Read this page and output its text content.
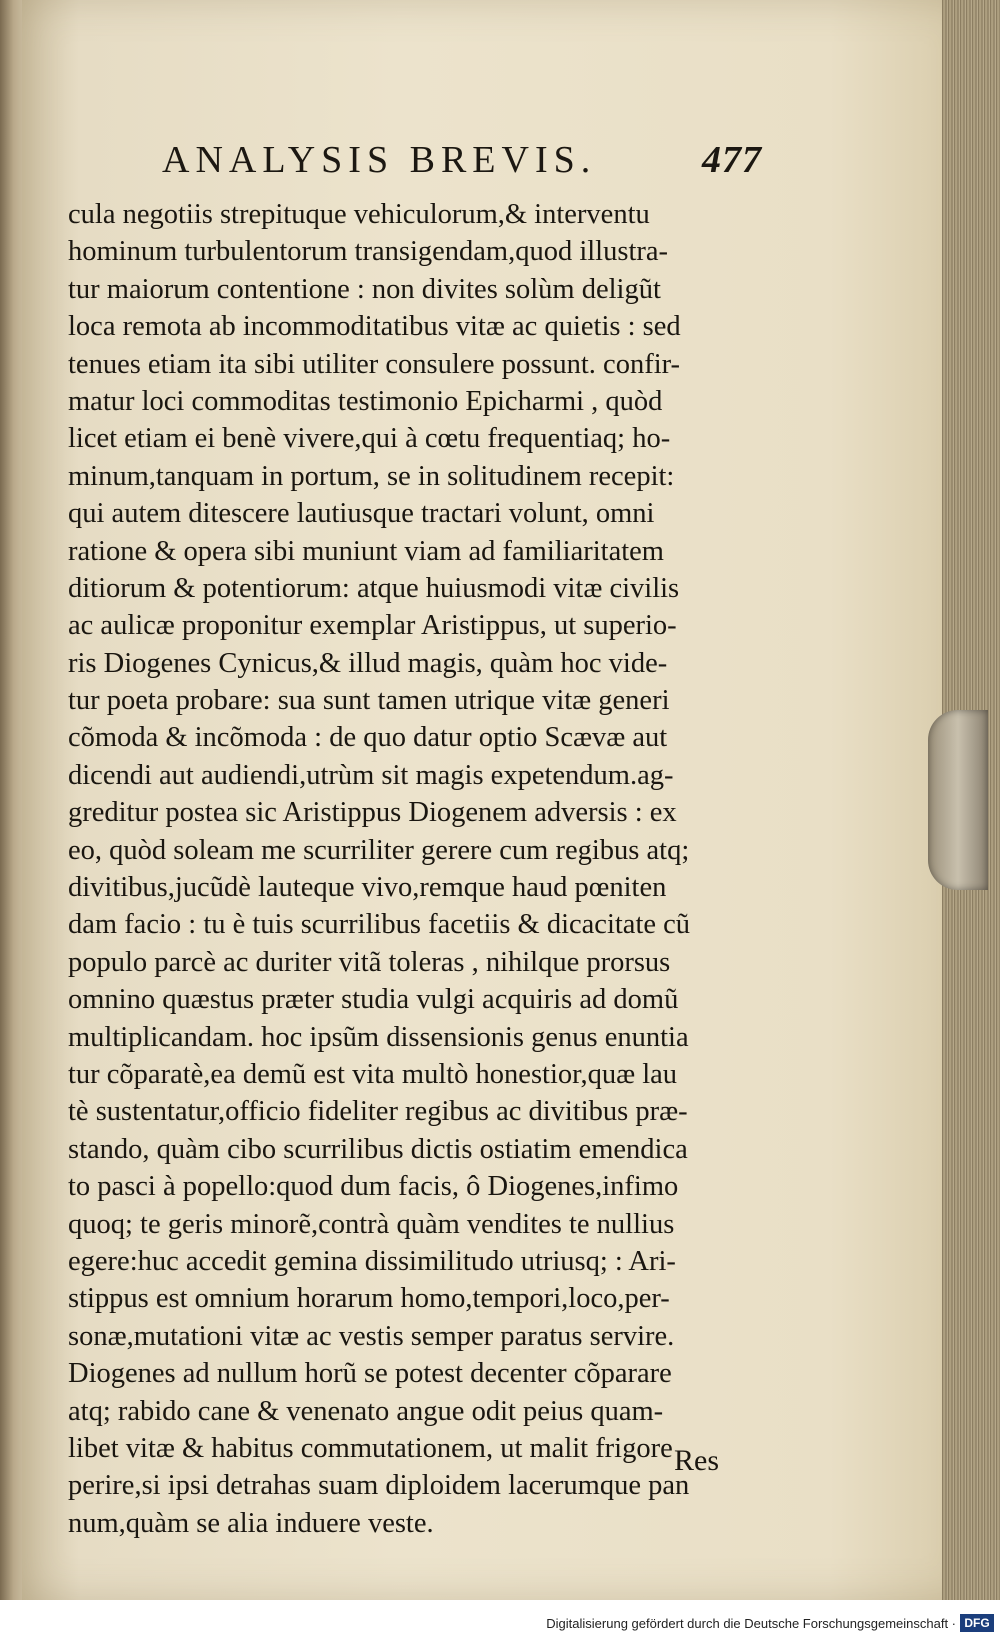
ANALYSIS BREVIS.	477
cula negotiis strepituque vehiculorum,& interventu
hominum turbulentorum transigendam,quod illustra-
tur maiorum contentione : non divites solùm deligũt
loca remota ab incommoditatibus vitæ ac quietis : sed
tenues etiam ita sibi utiliter consulere possunt. confir-
matur loci commoditas testimonio Epicharmi , quòd
licet etiam ei benè vivere,qui à cœtu frequentiaq; ho-
minum,tanquam in portum, se in solitudinem recepit:
qui autem ditescere lautiusque tractari volunt, omni
ratione & opera sibi muniunt viam ad familiaritatem
ditiorum & potentiorum: atque huiusmodi vitæ civilis
ac aulicæ proponitur exemplar Aristippus, ut superio-
ris Diogenes Cynicus,& illud magis, quàm hoc vide-
tur poeta probare: sua sunt tamen utrique vitæ generi
cõmoda & incõmoda : de quo datur optio Scævæ aut
dicendi aut audiendi,utrùm sit magis expetendum.ag-
greditur postea sic Aristippus Diogenem adversis : ex
eo, quòd soleam me scurriliter gerere cum regibus atq;
divitibus,jucũdè lauteque vivo,remque haud pœniten
dam facio : tu è tuis scurrilibus facetiis & dicacitate cũ
populo parcè ac duriter vitã toleras , nihilque prorsus
omnino quæstus præter studia vulgi acquiris ad domũ
multiplicandam. hoc ipsũm dissensionis genus enuntia
tur cõparatè,ea demũ est vita multò honestior,quæ lau
tè sustentatur,officio fideliter regibus ac divitibus præ-
stando, quàm cibo scurrilibus dictis ostiatim emendica
to pasci à popello:quod dum facis, ô Diogenes,infimo
quoq; te geris minorẽ,contrà quàm vendites te nullius
egere:huc accedit gemina dissimilitudo utriusq; : Ari-
stippus est omnium horarum homo,tempori,loco,per-
sonæ,mutationi vitæ ac vestis semper paratus servire.
Diogenes ad nullum horũ se potest decenter cõparare
atq; rabido cane & venenato angue odit peius quam-
libet vitæ & habitus commutationem, ut malit frigore
perire,si ipsi detrahas suam diploidem lacerumque pan
num,quàm se alia induere veste.
Res
Digitalisierung gefördert durch die Deutsche Forschungsgemeinschaft · DFG
